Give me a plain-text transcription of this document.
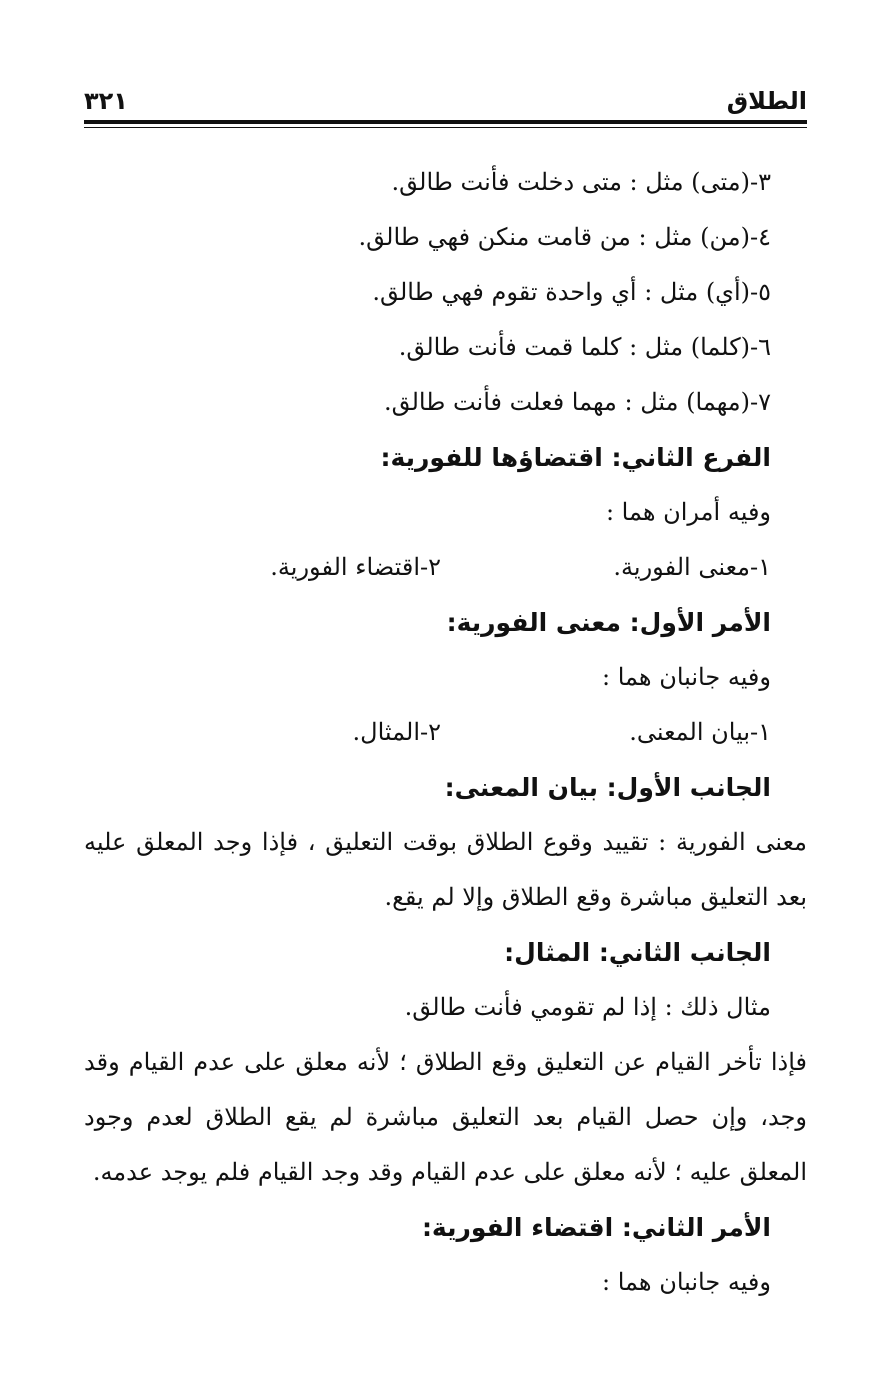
الطلاق
٣٢١
٣-(متى) مثل : متى دخلت فأنت طالق.
٤-(من) مثل : من قامت منكن فهي طالق.
٥-(أي) مثل : أي واحدة تقوم فهي طالق.
٦-(كلما) مثل : كلما قمت فأنت طالق.
٧-(مهما) مثل : مهما فعلت فأنت طالق.
الفرع الثاني: اقتضاؤها للفورية:
وفيه أمران هما :
١-معنى الفورية.
٢-اقتضاء الفورية.
الأمر الأول: معنى الفورية:
وفيه جانبان هما :
١-بيان المعنى.
٢-المثال.
الجانب الأول: بيان المعنى:
معنى الفورية : تقييد وقوع الطلاق بوقت التعليق ، فإذا وجد المعلق عليه بعد التعليق مباشرة وقع الطلاق وإلا لم يقع.
الجانب الثاني: المثال:
مثال ذلك : إذا لم تقومي فأنت طالق.
فإذا تأخر القيام عن التعليق وقع الطلاق ؛ لأنه معلق على عدم القيام وقد وجد، وإن حصل القيام بعد التعليق مباشرة لم يقع الطلاق لعدم وجود المعلق عليه ؛ لأنه معلق على عدم القيام وقد وجد القيام فلم يوجد عدمه.
الأمر الثاني: اقتضاء الفورية:
وفيه جانبان هما :
